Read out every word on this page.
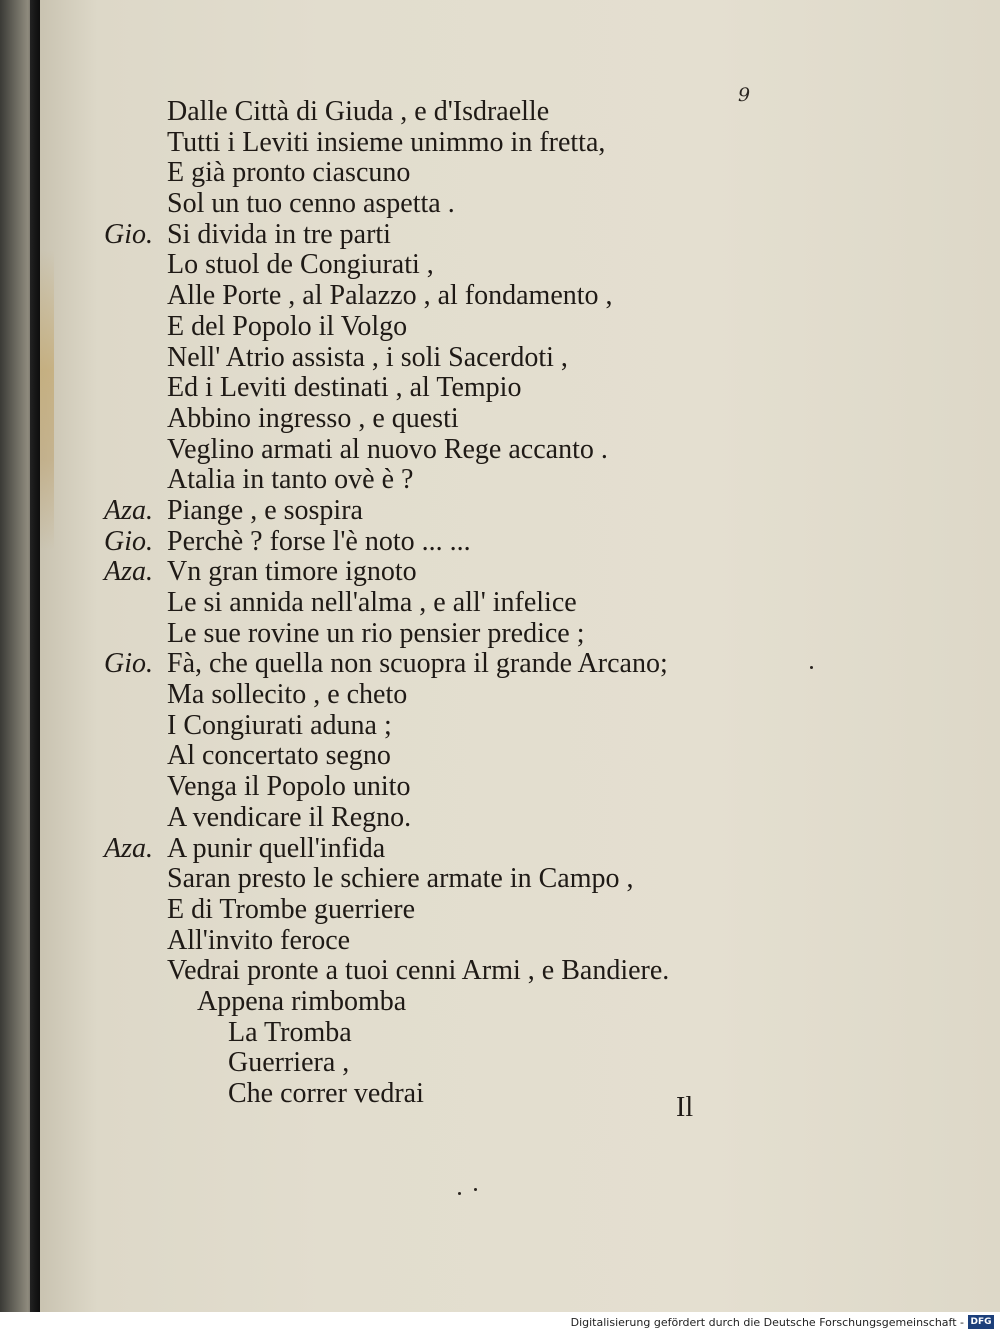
9
Dalle Città di Giuda , e d'Isdraelle
Tutti i Leviti insieme unimmo in fretta,
E già pronto ciascuno
Sol un tuo cenno aspetta .
Gio. Si divida in tre parti
Lo stuol de Congiurati ,
Alle Porte , al Palazzo , al fondamento ,
E del Popolo il Volgo
Nell' Atrio assista , i soli Sacerdoti ,
Ed i Leviti destinati , al Tempio
Abbino ingresso , e questi
Veglino armati al nuovo Rege accanto .
Atalia in tanto ovè è ?
Aza. Piange , e sospira
Gio. Perchè ? forse l'è noto ... ...
Aza. Vn gran timore ignoto
Le si annida nell'alma , e all' infelice
Le sue rovine un rio pensier predice ;
Gio. Fà, che quella non scuopra il grande Arcano;
Ma sollecito , e cheto
I Congiurati aduna ;
Al concertato segno
Venga il Popolo unito
A vendicare il Regno.
Aza. A punir quell'infida
Saran presto le schiere armate in Campo ,
E di Trombe guerriere
All'invito feroce
Vedrai pronte a tuoi cenni Armi , e Bandiere.
Appena rimbomba
La Tromba
Guerriera ,
Che correr vedrai	Il
Digitalisierung gefördert durch die Deutsche Forschungsgemeinschaft - DFG
